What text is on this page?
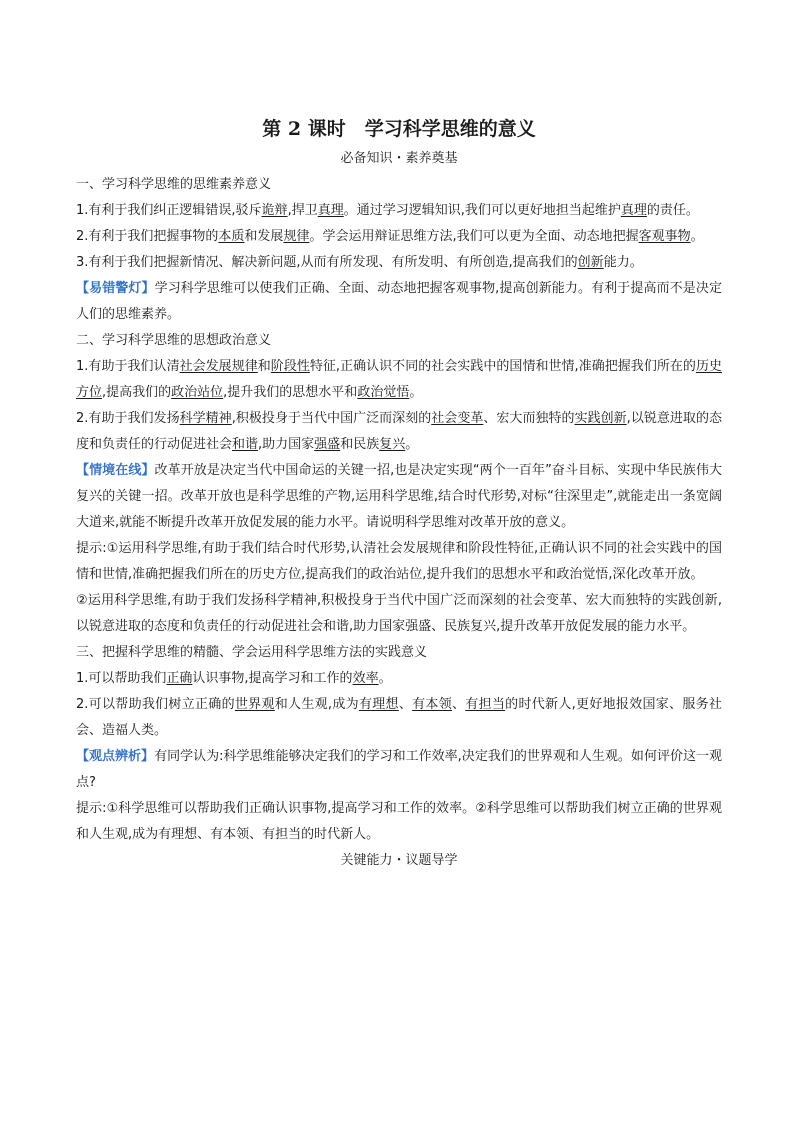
第 2 课时　学习科学思维的意义

必备知识・素养奠基

一、学习科学思维的思维素养意义

1.有利于我们纠正逻辑错误,驳斥诡辩,捍卫真理。通过学习逻辑知识,我们可以更好地担当起维护真理的责任。

2.有利于我们把握事物的本质和发展规律。学会运用辩证思维方法,我们可以更为全面、动态地把握客观事物。

3.有利于我们把握新情况、解决新问题,从而有所发现、有所发明、有所创造,提高我们的创新能力。

【易错警灯】学习科学思维可以使我们正确、全面、动态地把握客观事物,提高创新能力。有利于提高而不是决定人们的思维素养。

二、学习科学思维的思想政治意义

1.有助于我们认清社会发展规律和阶段性特征,正确认识不同的社会实践中的国情和世情,准确把握我们所在的历史方位,提高我们的政治站位,提升我们的思想水平和政治觉悟。

2.有助于我们发扬科学精神,积极投身于当代中国广泛而深刻的社会变革、宏大而独特的实践创新,以锐意进取的态度和负责任的行动促进社会和谐,助力国家强盛和民族复兴。

【情境在线】改革开放是决定当代中国命运的关键一招,也是决定实现“两个一百年”奋斗目标、实现中华民族伟大复兴的关键一招。改革开放也是科学思维的产物,运用科学思维,结合时代形势,对标“往深里走”,就能走出一条宽阔大道来,就能不断提升改革开放促发展的能力水平。请说明科学思维对改革开放的意义。

提示:①运用科学思维,有助于我们结合时代形势,认清社会发展规律和阶段性特征,正确认识不同的社会实践中的国情和世情,准确把握我们所在的历史方位,提高我们的政治站位,提升我们的思想水平和政治觉悟,深化改革开放。

②运用科学思维,有助于我们发扬科学精神,积极投身于当代中国广泛而深刻的社会变革、宏大而独特的实践创新,以锐意进取的态度和负责任的行动促进社会和谐,助力国家强盛、民族复兴,提升改革开放促发展的能力水平。

三、把握科学思维的精髓、学会运用科学思维方法的实践意义

1.可以帮助我们正确认识事物,提高学习和工作的效率。

2.可以帮助我们树立正确的世界观和人生观,成为有理想、有本领、有担当的时代新人,更好地报效国家、服务社会、造福人类。

【观点辨析】有同学认为:科学思维能够决定我们的学习和工作效率,决定我们的世界观和人生观。如何评价这一观点?

提示:①科学思维可以帮助我们正确认识事物,提高学习和工作的效率。②科学思维可以帮助我们树立正确的世界观和人生观,成为有理想、有本领、有担当的时代新人。

关键能力・议题导学
